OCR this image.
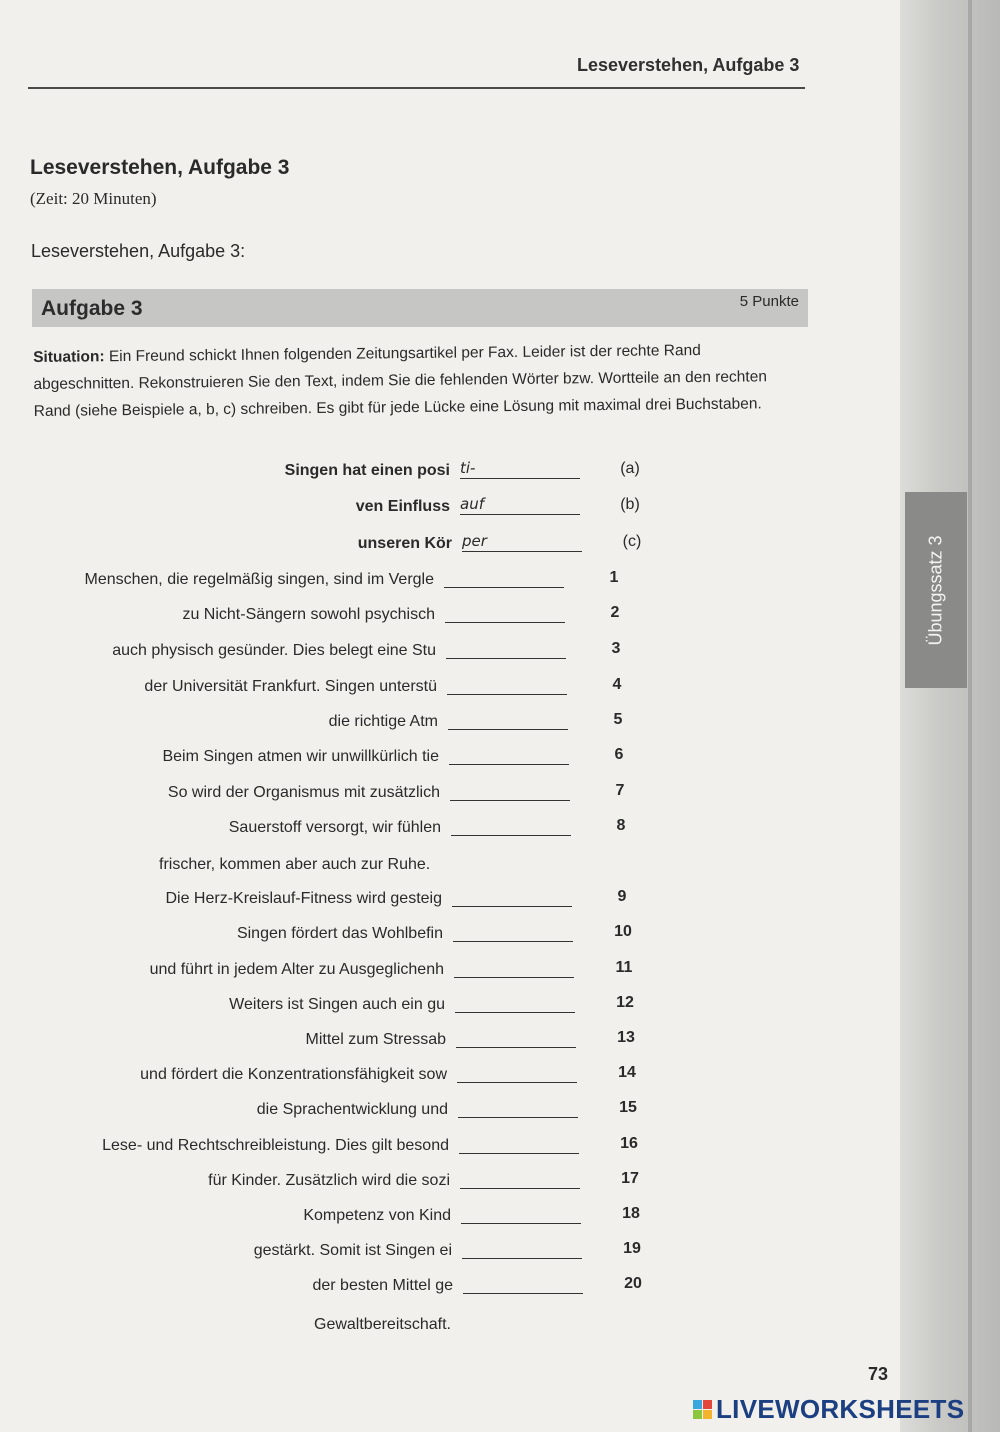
Übungssatz 3
Leseverstehen, Aufgabe 3
Leseverstehen, Aufgabe 3
(Zeit: 20 Minuten)
Leseverstehen, Aufgabe 3:
Aufgabe 3	5 Punkte
Situation: Ein Freund schickt Ihnen folgenden Zeitungsartikel per Fax. Leider ist der rechte Rand abgeschnitten. Rekonstruieren Sie den Text, indem Sie die fehlenden Wörter bzw. Wortteile an den rechten Rand (siehe Beispiele a, b, c) schreiben. Es gibt für jede Lücke eine Lösung mit maximal drei Buchstaben.
Singen hat einen posi ti-	(a)
ven Einfluss auf	(b)
unseren Kör per	(c)
Menschen, die regelmäßig singen, sind im Vergle	1
zu Nicht-Sängern sowohl psychisch	2
auch physisch gesünder. Dies belegt eine Stu	3
der Universität Frankfurt. Singen unterstü	4
die richtige Atm	5
Beim Singen atmen wir unwillkürlich tie	6
So wird der Organismus mit zusätzlich	7
Sauerstoff versorgt, wir fühlen	8
frischer, kommen aber auch zur Ruhe.
Die Herz-Kreislauf-Fitness wird gesteig	9
Singen fördert das Wohlbefin	10
und führt in jedem Alter zu Ausgeglichenh	11
Weiters ist Singen auch ein gu	12
Mittel zum Stressab	13
und fördert die Konzentrationsfähigkeit sow	14
die Sprachentwicklung und	15
Lese- und Rechtschreibleistung. Dies gilt besond	16
für Kinder. Zusätzlich wird die sozi	17
Kompetenz von Kind	18
gestärkt. Somit ist Singen ei	19
der besten Mittel ge	20
Gewaltbereitschaft.
73
LIVEWORKSHEETS
